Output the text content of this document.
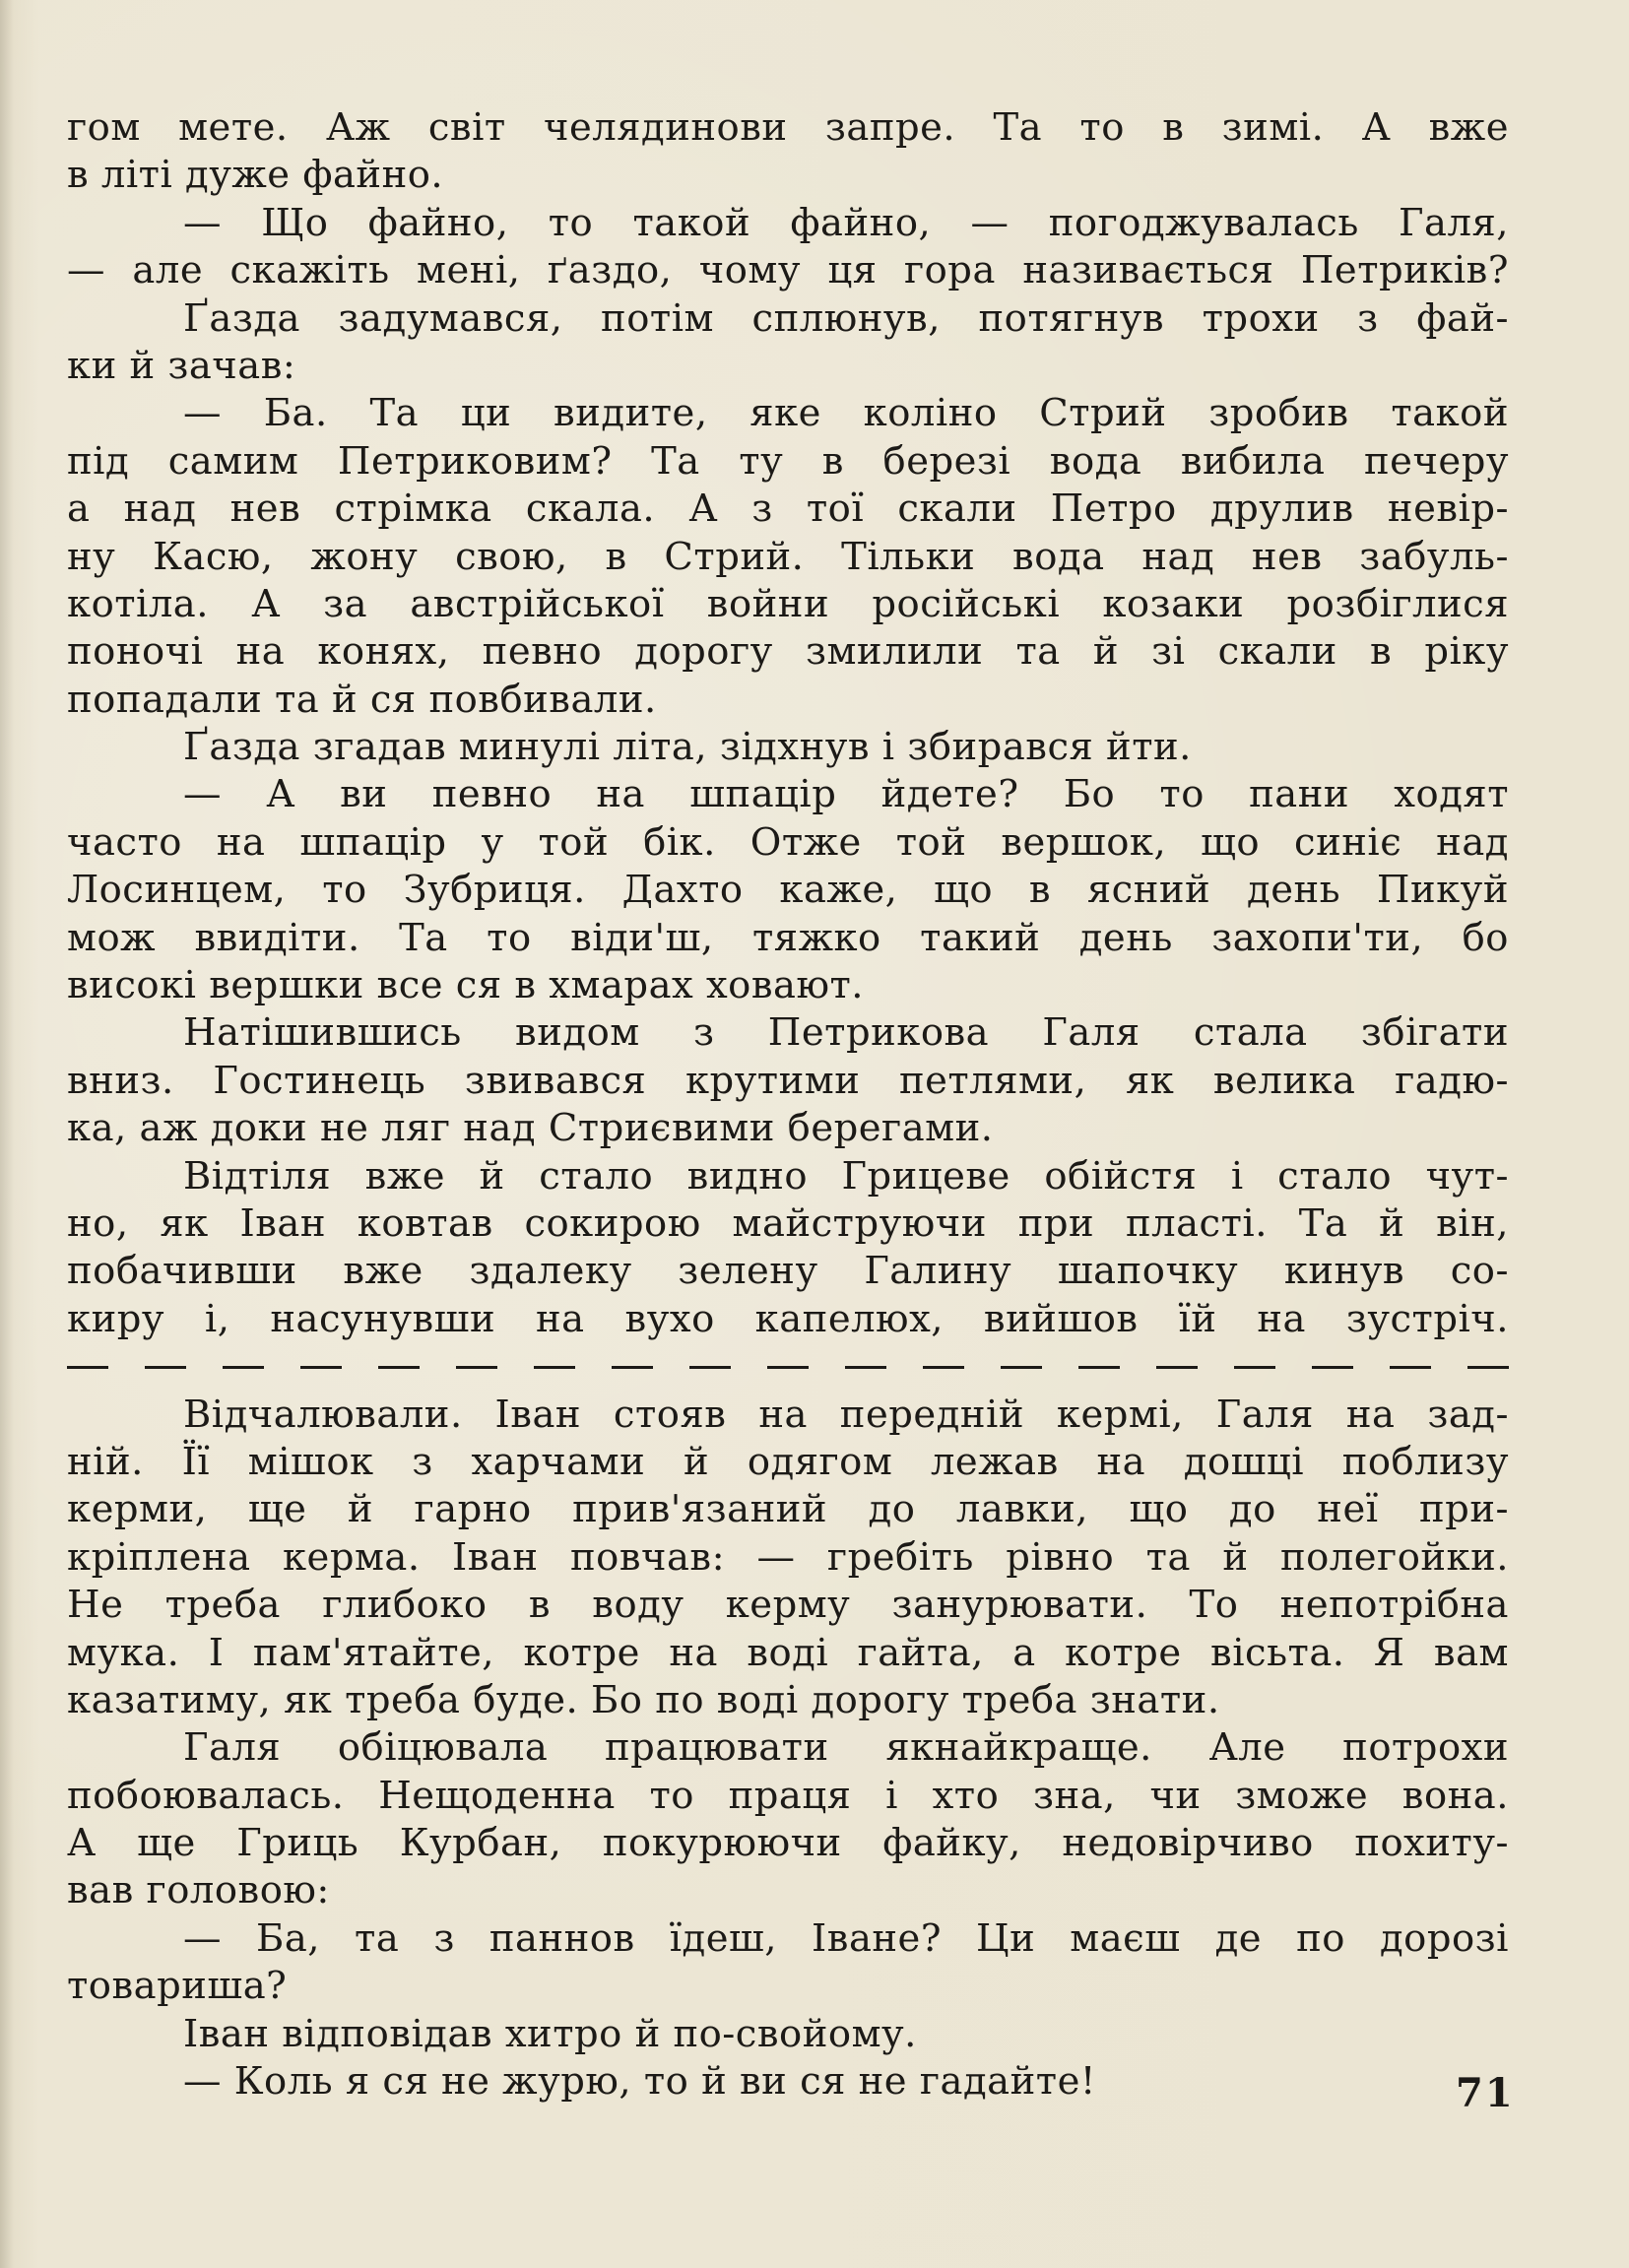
гом мете. Аж світ челядинови запре. Та то в зимі. А вже
в літі дуже файно.
— Що файно, то такой файно, — погоджувалась Галя,
— але скажіть мені, ґаздо, чому ця гора називається Петриків?
Ґазда задумався, потім сплюнув, потягнув трохи з фай-
ки й зачав:
— Ба. Та ци видите, яке коліно Стрий зробив такой
під самим Петриковим? Та ту в березі вода вибила печеру
а над нев стрімка скала. А з тої скали Петро друлив невір-
ну Касю, жону свою, в Стрий. Тільки вода над нев забуль-
котіла. А за австрійської войни російські козаки розбіглися
поночі на конях, певно дорогу змилили та й зі скали в ріку
попадали та й ся повбивали.
Ґазда згадав минулі літа, зідхнув і збирався йти.
— А ви певно на шпацір йдете? Бо то пани ходят
часто на шпацір у той бік. Отже той вершок, що синіє над
Лосинцем, то Зубриця. Дахто каже, що в ясний день Пикуй
мож ввидіти. Та то віди'ш, тяжко такий день захопи'ти, бо
високі вершки все ся в хмарах ховают.
Натішившись видом з Петрикова Галя стала збігати
вниз. Гостинець звивався крутими петлями, як велика гадю-
ка, аж доки не ляг над Стриєвими берегами.
Відтіля вже й стало видно Грицеве обійстя і стало чут-
но, як Іван ковтав сокирою майструючи при пласті. Та й він,
побачивши вже здалеку зелену Галину шапочку кинув со-
киру і, насунувши на вухо капелюх, вийшов їй на зустріч.
Відчалювали. Іван стояв на передній кермі, Галя на зад-
ній. Її мішок з харчами й одягом лежав на дошці поблизу
керми, ще й гарно прив'язаний до лавки, що до неї при-
кріплена керма. Іван повчав: — гребіть рівно та й полегойки.
Не треба глибоко в воду керму занурювати. То непотрібна
мука. І пам'ятайте, котре на воді гайта, а котре вісьта. Я вам
казатиму, як треба буде. Бо по воді дорогу треба знати.
Галя обіцювала працювати якнайкраще. Але потрохи
побоювалась. Нещоденна то праця і хто зна, чи зможе вона.
А ще Гриць Курбан, покурюючи файку, недовірчиво похиту-
вав головою:
— Ба, та з паннов їдеш, Іване? Ци маєш де по дорозі
товариша?
Іван відповідав хитро й по-свойому.
— Коль я ся не журю, то й ви ся не гадайте!	71
